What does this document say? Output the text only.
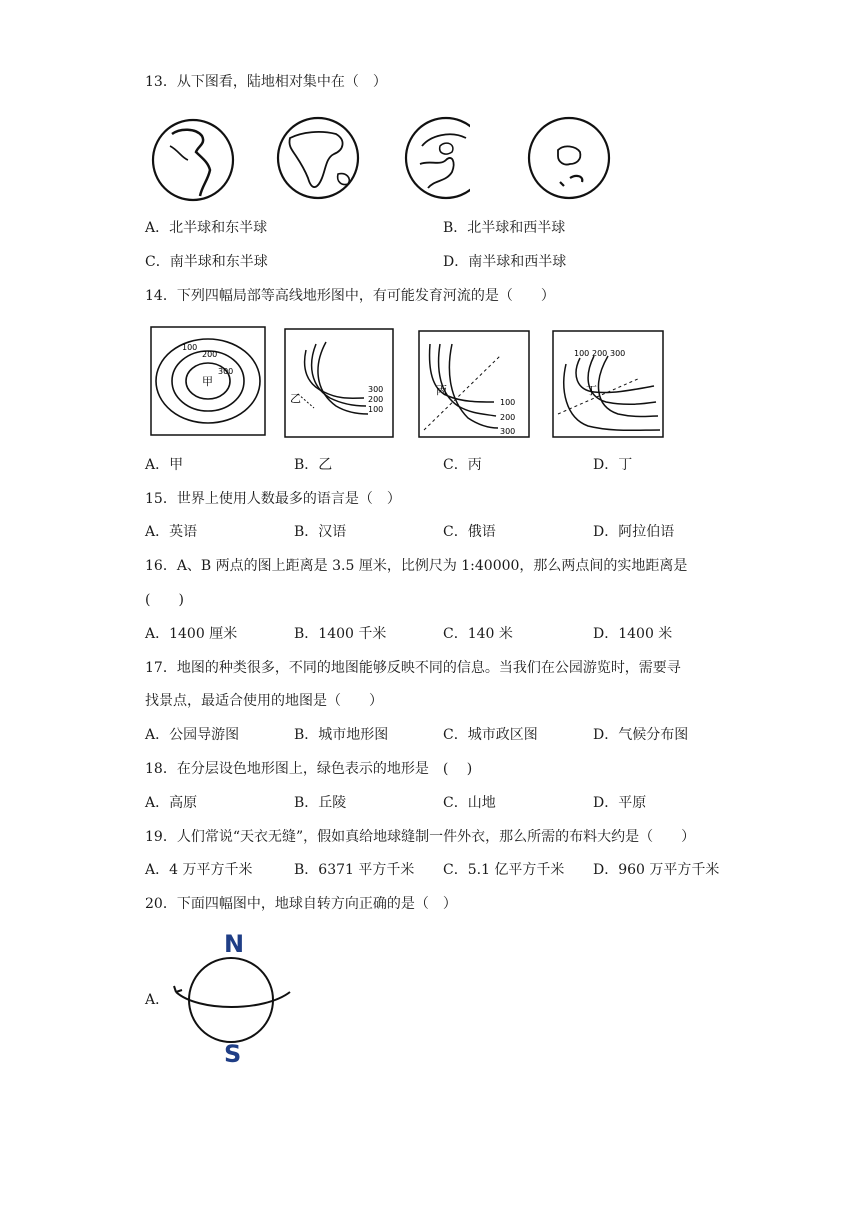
13．从下图看，陆地相对集中在（　）
A．北半球和东半球	B．北半球和西半球
C．南半球和东半球	D．南半球和西半球
14．下列四幅局部等高线地形图中，有可能发育河流的是（　　）
100
200
300
甲
乙
300
200
100
丙
100
200
300
100 200 300
丁
A．甲	B．乙	C．丙	D．丁
15．世界上使用人数最多的语言是（　）
A．英语	B．汉语	C．俄语	D．阿拉伯语
16．A、B 两点的图上距离是 3.5 厘米，比例尺为 1:40000，那么两点间的实地距离是
(　　)
A．1400 厘米	B．1400 千米	C．140 米	D．1400 米
17．地图的种类很多，不同的地图能够反映不同的信息。当我们在公园游览时，需要寻
找景点，最适合使用的地图是（　　）
A．公园导游图	B．城市地形图	C．城市政区图	D．气候分布图
18．在分层设色地形图上，绿色表示的地形是　(　 )
A．高原	B．丘陵	C．山地	D．平原
19．人们常说“天衣无缝”，假如真给地球缝制一件外衣，那么所需的布料大约是（　　）
A．4 万平方千米	B．6371 平方千米 C．5.1 亿平方千米 D．960 万平方千米
20．下面四幅图中，地球自转方向正确的是（　）
A．
N
S
